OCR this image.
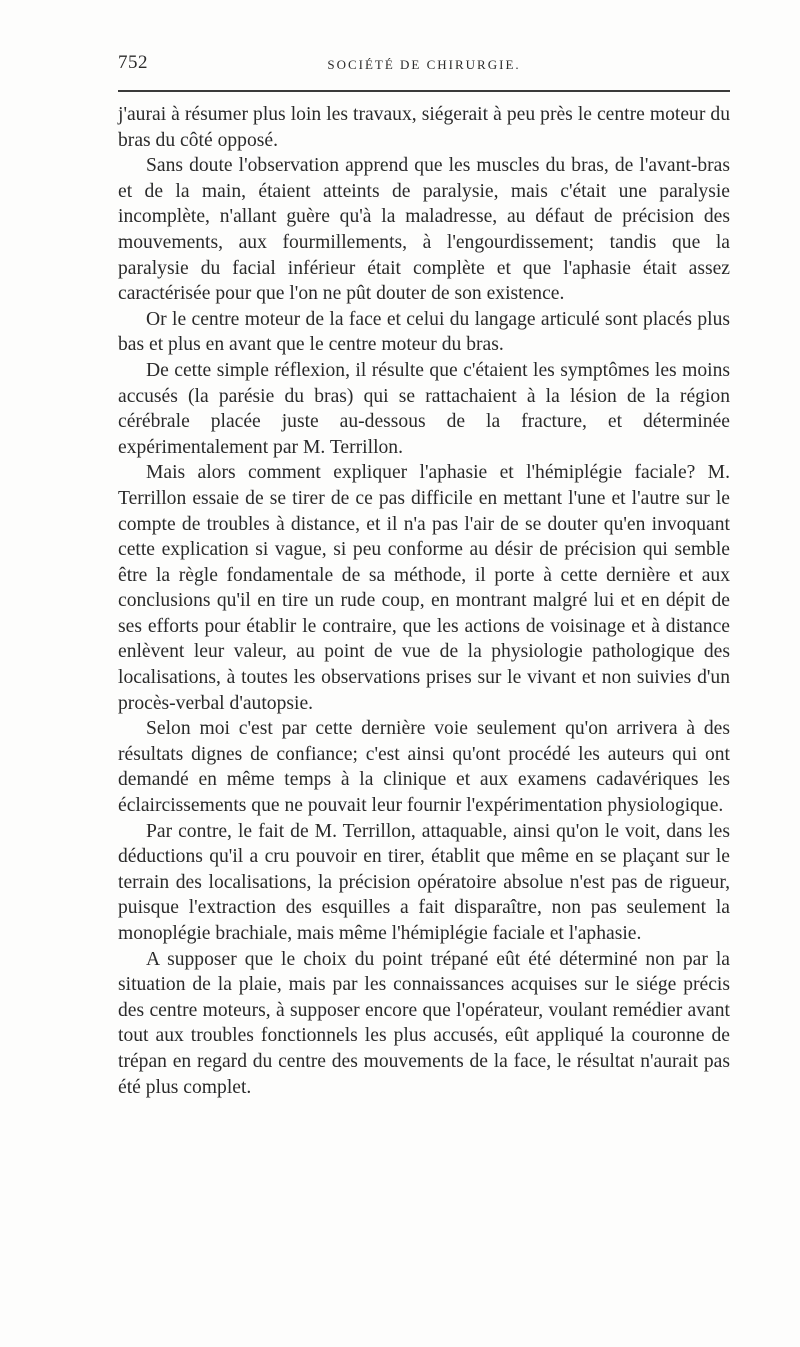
752	SOCIÉTÉ DE CHIRURGIE.

j'aurai à résumer plus loin les travaux, siégerait à peu près le centre moteur du bras du côté opposé.

Sans doute l'observation apprend que les muscles du bras, de l'avant-bras et de la main, étaient atteints de paralysie, mais c'était une paralysie incomplète, n'allant guère qu'à la maladresse, au défaut de précision des mouvements, aux fourmillements, à l'engourdissement; tandis que la paralysie du facial inférieur était complète et que l'aphasie était assez caractérisée pour que l'on ne pût douter de son existence.

Or le centre moteur de la face et celui du langage articulé sont placés plus bas et plus en avant que le centre moteur du bras.

De cette simple réflexion, il résulte que c'étaient les symptômes les moins accusés (la parésie du bras) qui se rattachaient à la lésion de la région cérébrale placée juste au-dessous de la fracture, et déterminée expérimentalement par M. Terrillon.

Mais alors comment expliquer l'aphasie et l'hémiplégie faciale? M. Terrillon essaie de se tirer de ce pas difficile en mettant l'une et l'autre sur le compte de troubles à distance, et il n'a pas l'air de se douter qu'en invoquant cette explication si vague, si peu conforme au désir de précision qui semble être la règle fondamentale de sa méthode, il porte à cette dernière et aux conclusions qu'il en tire un rude coup, en montrant malgré lui et en dépit de ses efforts pour établir le contraire, que les actions de voisinage et à distance enlèvent leur valeur, au point de vue de la physiologie pathologique des localisations, à toutes les observations prises sur le vivant et non suivies d'un procès-verbal d'autopsie.

Selon moi c'est par cette dernière voie seulement qu'on arrivera à des résultats dignes de confiance; c'est ainsi qu'ont procédé les auteurs qui ont demandé en même temps à la clinique et aux examens cadavériques les éclaircissements que ne pouvait leur fournir l'expérimentation physiologique.

Par contre, le fait de M. Terrillon, attaquable, ainsi qu'on le voit, dans les déductions qu'il a cru pouvoir en tirer, établit que même en se plaçant sur le terrain des localisations, la précision opératoire absolue n'est pas de rigueur, puisque l'extraction des esquilles a fait disparaître, non pas seulement la monoplégie brachiale, mais même l'hémiplégie faciale et l'aphasie.

A supposer que le choix du point trépané eût été déterminé non par la situation de la plaie, mais par les connaissances acquises sur le siége précis des centre moteurs, à supposer encore que l'opérateur, voulant remédier avant tout aux troubles fonctionnels les plus accusés, eût appliqué la couronne de trépan en regard du centre des mouvements de la face, le résultat n'aurait pas été plus complet.
